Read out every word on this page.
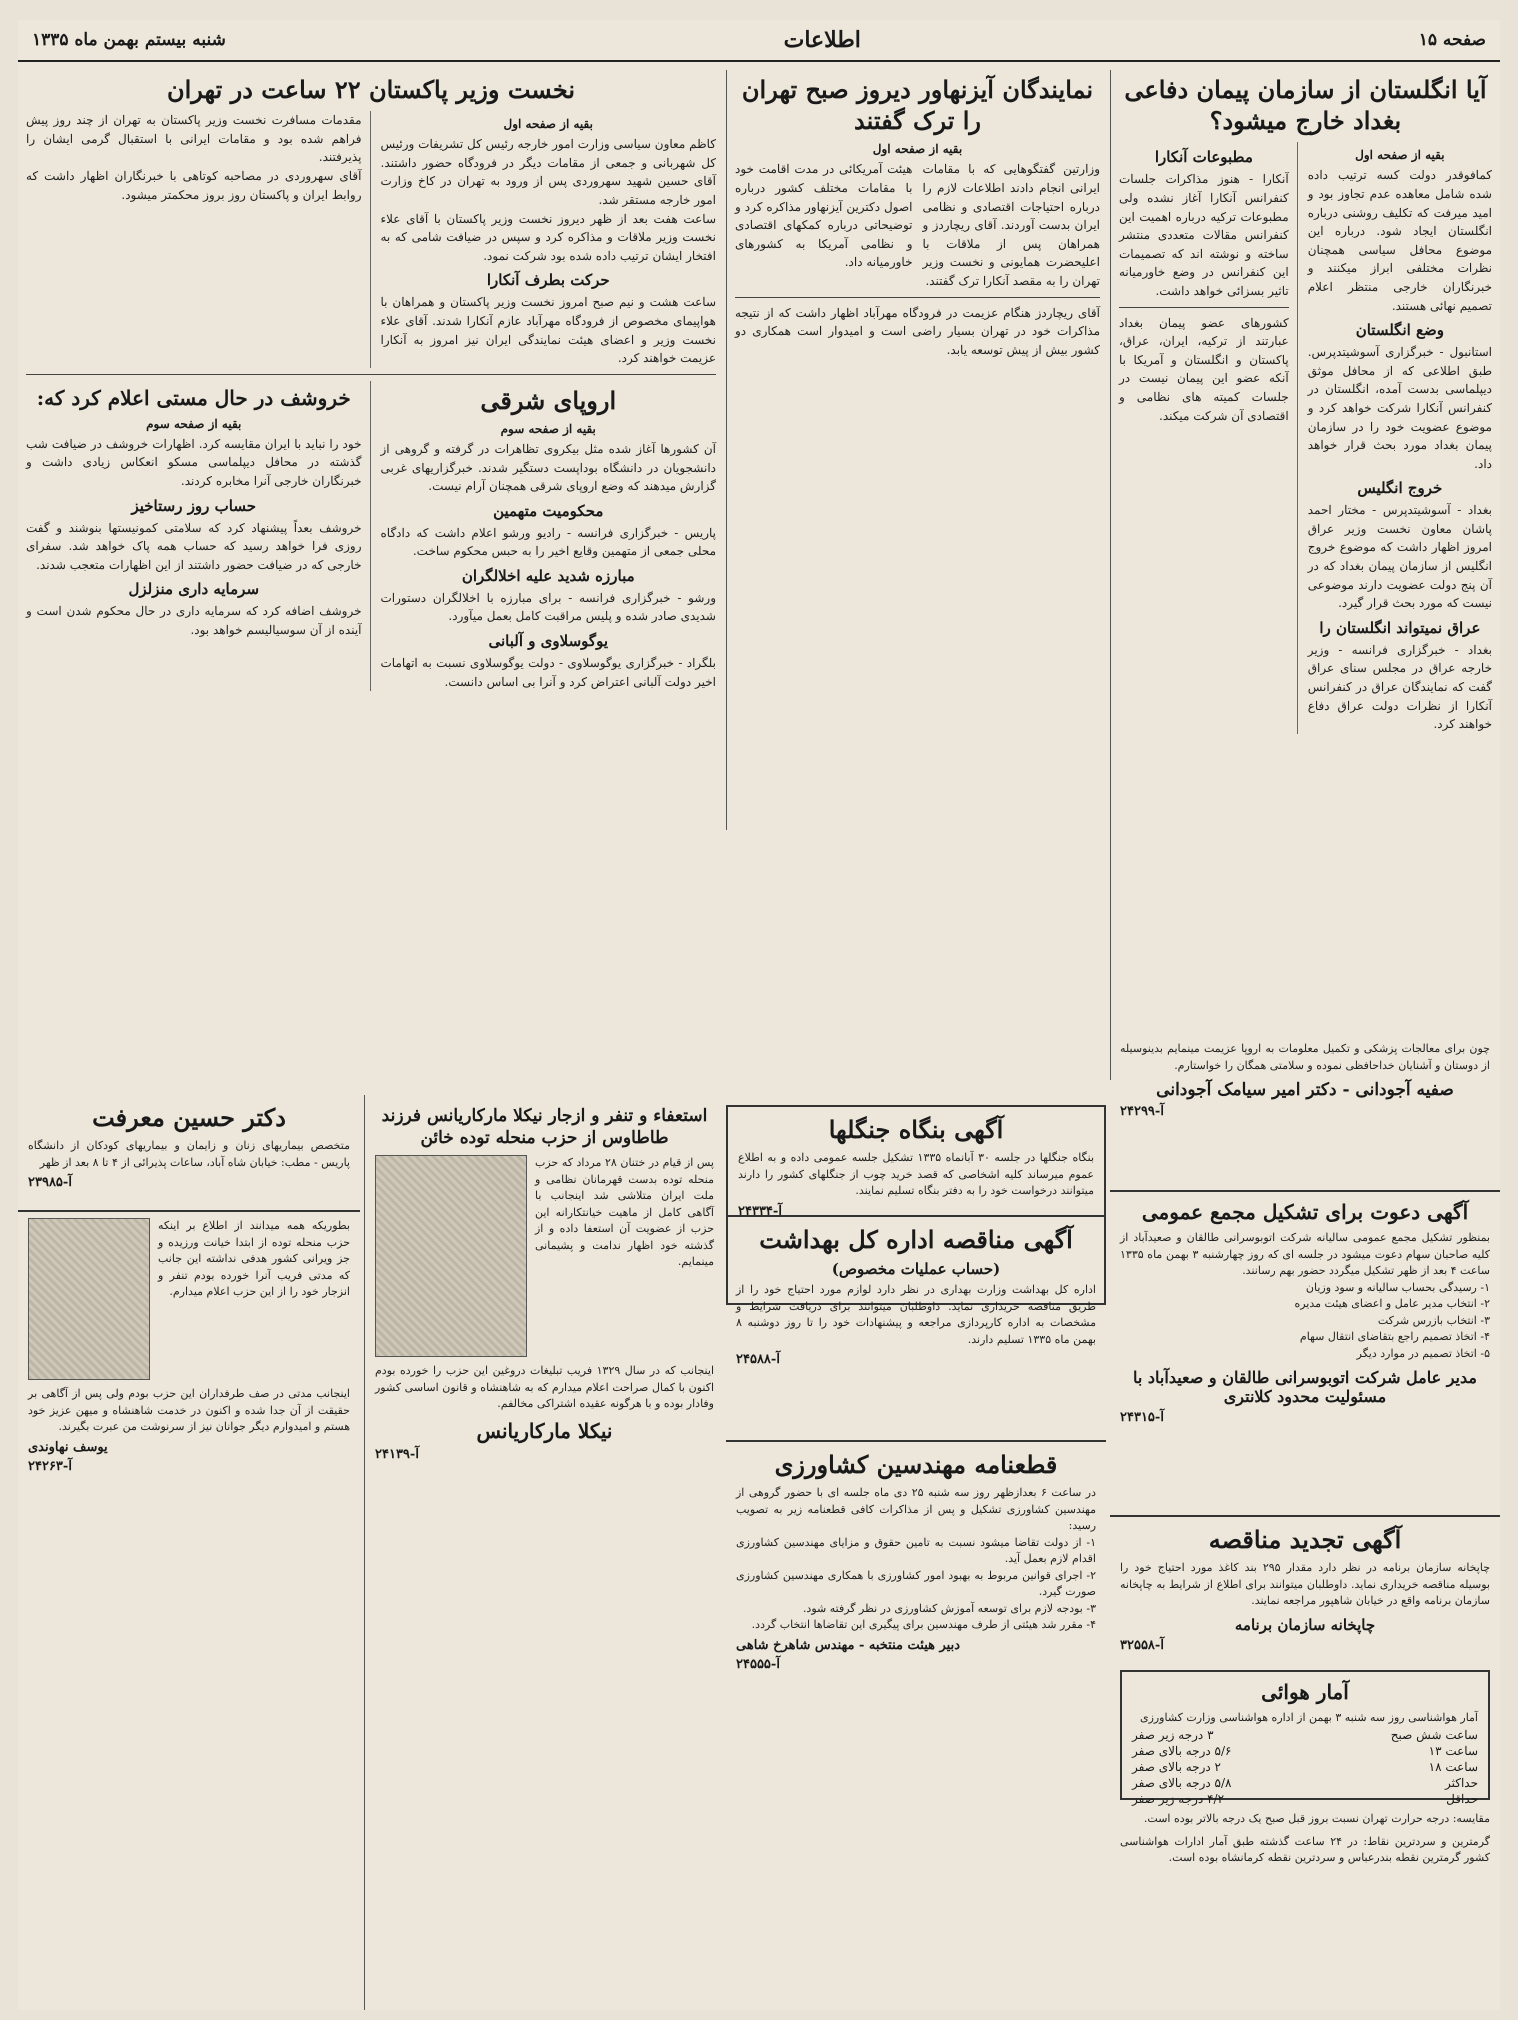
صفحه ۱۵
اطلاعات
شنبه بیستم بهمن ماه ۱۳۳۵
آیا انگلستان از سازمان پیمان دفاعی بغداد خارج میشود؟
بقیه از صفحه اول
کمافوقدر دولت کسه ترتیب داده شده شامل معاهده عدم تجاوز بود و امید میرفت که تکلیف روشنی درباره انگلستان ایجاد شود. درباره این موضوع محافل سیاسی همچنان نظرات مختلفی ابراز میکنند و خبرنگاران خارجی منتظر اعلام تصمیم نهائی هستند.
وضع انگلستان
استانبول - خبرگزاری آسوشیتدپرس. طبق اطلاعی که از محافل موثق دیپلماسی بدست آمده، انگلستان در کنفرانس آنکارا شرکت خواهد کرد و موضوع عضویت خود را در سازمان پیمان بغداد مورد بحث قرار خواهد داد.
خروج انگلیس
بغداد - آسوشیتدپرس - مختار احمد پاشان معاون نخست وزیر عراق امروز اظهار داشت که موضوع خروج انگلیس از سازمان پیمان بغداد که در آن پنج دولت عضویت دارند موضوعی نیست که مورد بحث قرار گیرد.
عراق نمیتواند انگلستان را
بغداد - خبرگزاری فرانسه - وزیر خارجه عراق در مجلس سنای عراق گفت که نمایندگان عراق در کنفرانس آنکارا از نظرات دولت عراق دفاع خواهند کرد.
مطبوعات آنکارا
آنکارا - هنوز مذاکرات جلسات کنفرانس آنکارا آغاز نشده ولی مطبوعات ترکیه درباره اهمیت این کنفرانس مقالات متعددی منتشر ساخته و نوشته اند که تصمیمات این کنفرانس در وضع خاورمیانه تاثیر بسزائی خواهد داشت.
کشورهای عضو پیمان بغداد عبارتند از ترکیه، ایران، عراق، پاکستان و انگلستان و آمریکا با آنکه عضو این پیمان نیست در جلسات کمیته های نظامی و اقتصادی آن شرکت میکند.
نمایندگان آیزنهاور دیروز صبح تهران را ترک گفتند
بقیه از صفحه اول
وزارتین گفتگوهایی که با مقامات ایرانی انجام دادند اطلاعات لازم را درباره احتیاجات اقتصادی و نظامی ایران بدست آوردند. آقای ریچاردز و همراهان پس از ملاقات با اعلیحضرت همایونی و نخست وزیر تهران را به مقصد آنکارا ترک گفتند.
هیئت آمریکائی در مدت اقامت خود با مقامات مختلف کشور درباره اصول دکترین آیزنهاور مذاکره کرد و توضیحاتی درباره کمکهای اقتصادی و نظامی آمریکا به کشورهای خاورمیانه داد.
آقای ریچاردز هنگام عزیمت در فرودگاه مهرآباد اظهار داشت که از نتیجه مذاکرات خود در تهران بسیار راضی است و امیدوار است همکاری دو کشور بیش از پیش توسعه یابد.
نخست وزیر پاکستان ۲۲ ساعت در تهران
بقیه از صفحه اول
کاظم معاون سیاسی وزارت امور خارجه رئیس کل تشریفات ورئیس کل شهربانی و جمعی از مقامات دیگر در فرودگاه حضور داشتند. آقای حسین شهید سهروردی پس از ورود به تهران در کاخ وزارت امور خارجه مستقر شد.
ساعت هفت بعد از ظهر دیروز نخست وزیر پاکستان با آقای علاء نخست وزیر ملاقات و مذاکره کرد و سپس در ضیافت شامی که به افتخار ایشان ترتیب داده شده بود شرکت نمود.
حرکت بطرف آنکارا
ساعت هشت و نیم صبح امروز نخست وزیر پاکستان و همراهان با هواپیمای مخصوص از فرودگاه مهرآباد عازم آنکارا شدند. آقای علاء نخست وزیر و اعضای هیئت نمایندگی ایران نیز امروز به آنکارا عزیمت خواهند کرد.
مقدمات مسافرت نخست وزیر پاکستان به تهران از چند روز پیش فراهم شده بود و مقامات ایرانی با استقبال گرمی ایشان را پذیرفتند.
آقای سهروردی در مصاحبه کوتاهی با خبرنگاران اظهار داشت که روابط ایران و پاکستان روز بروز محکمتر میشود.
اروپای شرقی
بقیه از صفحه سوم
آن کشورها آغاز شده مثل بیکروی تظاهرات در گرفته و گروهی از دانشجویان در دانشگاه بوداپست دستگیر شدند. خبرگزاریهای غربی گزارش میدهند که وضع اروپای شرقی همچنان آرام نیست.
محکومیت متهمین
پاریس - خبرگزاری فرانسه - رادیو ورشو اعلام داشت که دادگاه محلی جمعی از متهمین وقایع اخیر را به حبس محکوم ساخت.
مبارزه شدید علیه اخلالگران
ورشو - خبرگزاری فرانسه - برای مبارزه با اخلالگران دستورات شدیدی صادر شده و پلیس مراقبت کامل بعمل میآورد.
یوگوسلاوی و آلبانی
بلگراد - خبرگزاری یوگوسلاوی - دولت یوگوسلاوی نسبت به اتهامات اخیر دولت آلبانی اعتراض کرد و آنرا بی اساس دانست.
خروشف در حال مستی اعلام کرد که:
بقیه از صفحه سوم
خود را نباید با ایران مقایسه کرد. اظهارات خروشف در ضیافت شب گذشته در محافل دیپلماسی مسکو انعکاس زیادی داشت و خبرنگاران خارجی آنرا مخابره کردند.
حساب روز رستاخیز
خروشف بعداً پیشنهاد کرد که سلامتی کمونیستها بنوشند و گفت روزی فرا خواهد رسید که حساب همه پاک خواهد شد. سفرای خارجی که در ضیافت حضور داشتند از این اظهارات متعجب شدند.
سرمایه داری منزلزل
خروشف اضافه کرد که سرمایه داری در حال محکوم شدن است و آینده از آن سوسیالیسم خواهد بود.
آگهی بنگاه جنگلها
بنگاه جنگلها در جلسه ۳۰ آبانماه ۱۳۳۵ تشکیل جلسه عمومی داده و به اطلاع عموم میرساند کلیه اشخاصی که قصد خرید چوب از جنگلهای کشور را دارند میتوانند درخواست خود را به دفتر بنگاه تسلیم نمایند.
آ-۲۴۳۳۴
آگهی مناقصه اداره کل بهداشت
(حساب عملیات مخصوص)
اداره کل بهداشت وزارت بهداری در نظر دارد لوازم مورد احتیاج خود را از طریق مناقصه خریداری نماید. داوطلبان میتوانند برای دریافت شرایط و مشخصات به اداره کارپردازی مراجعه و پیشنهادات خود را تا روز دوشنبه ۸ بهمن ماه ۱۳۳۵ تسلیم دارند.
آ-۲۴۵۸۸
قطعنامه مهندسین کشاورزی
در ساعت ۶ بعدازظهر روز سه شنبه ۲۵ دی ماه جلسه ای با حضور گروهی از مهندسین کشاورزی تشکیل و پس از مذاکرات کافی قطعنامه زیر به تصویب رسید:
۱- از دولت تقاضا میشود نسبت به تامین حقوق و مزایای مهندسین کشاورزی اقدام لازم بعمل آید.
۲- اجرای قوانین مربوط به بهبود امور کشاورزی با همکاری مهندسین کشاورزی صورت گیرد.
۳- بودجه لازم برای توسعه آموزش کشاورزی در نظر گرفته شود.
۴- مقرر شد هیئتی از طرف مهندسین برای پیگیری این تقاضاها انتخاب گردد.
دبیر هیئت منتخبه - مهندس شاهرخ شاهی
آ-۲۴۵۵۵
چون برای معالجات پزشکی و تکمیل معلومات به اروپا عزیمت مینمایم بدینوسیله از دوستان و آشنایان خداحافظی نموده و سلامتی همگان را خواستارم.
صفیه آجودانی - دکتر امیر سیامک آجودانی
آ-۲۴۲۹۹
آگهی دعوت برای تشکیل مجمع عمومی
بمنظور تشکیل مجمع عمومی سالیانه شرکت اتوبوسرانی طالقان و صعیدآباد از کلیه صاحبان سهام دعوت میشود در جلسه ای که روز چهارشنبه ۳ بهمن ماه ۱۳۳۵ ساعت ۴ بعد از ظهر تشکیل میگردد حضور بهم رسانند.
۱- رسیدگی بحساب سالیانه و سود وزیان
۲- انتخاب مدیر عامل و اعضای هیئت مدیره
۳- انتخاب بازرس شرکت
۴- اتخاذ تصمیم راجع بتقاضای انتقال سهام
۵- اتخاذ تصمیم در موارد دیگر
مدیر عامل شرکت اتوبوسرانی طالقان و صعیدآباد با مسئولیت محدود کلانتری
آ-۲۴۳۱۵
آگهی تجدید مناقصه
چاپخانه سازمان برنامه در نظر دارد مقدار ۲۹۵ بند کاغذ مورد احتیاج خود را بوسیله مناقصه خریداری نماید. داوطلبان میتوانند برای اطلاع از شرایط به چاپخانه سازمان برنامه واقع در خیابان شاهپور مراجعه نمایند.
چاپخانه سازمان برنامه
آ-۳۲۵۵۸
آمار هوائی
آمار هواشناسی روز سه شنبه ۳ بهمن از اداره هواشناسی وزارت کشاورزی
ساعت شش صبح
۳ درجه زیر صفر
ساعت ۱۳
۵/۶ درجه بالای صفر
ساعت ۱۸
۲ درجه بالای صفر
حداکثر
۵/۸ درجه بالای صفر
حداقل
۴/۲ درجه زیر صفر
مقایسه: درجه حرارت تهران نسبت بروز قبل صبح یک درجه بالاتر بوده است.
گرمترین و سردترین نقاط: در ۲۴ ساعت گذشته طبق آمار ادارات هواشناسی کشور گرمترین نقطه بندرعباس و سردترین نقطه کرمانشاه بوده است.
استعفاء و تنفر و ازجار نیکلا مارکاریانس فرزند طاطاوس از حزب منحله توده خائن
پس از قیام در ختنان ۲۸ مرداد که حزب منحله توده بدست قهرمانان نظامی و ملت ایران متلاشی شد اینجانب با آگاهی کامل از ماهیت خیانتکارانه این حزب از عضویت آن استعفا داده و از گذشته خود اظهار ندامت و پشیمانی مینمایم.
اینجانب که در سال ۱۳۲۹ فریب تبلیغات دروغین این حزب را خورده بودم اکنون با کمال صراحت اعلام میدارم که به شاهنشاه و قانون اساسی کشور وفادار بوده و با هرگونه عقیده اشتراکی مخالفم.
نیکلا مارکاریانس
آ-۲۴۱۳۹
دکتر حسین معرفت
متخصص بیماریهای زنان و زایمان و بیماریهای کودکان از دانشگاه پاریس - مطب: خیابان شاه آباد، ساعات پذیرائی از ۴ تا ۸ بعد از ظهر
آ-۲۳۹۸۵
بطوریکه همه میدانند از اطلاع بر اینکه حزب منحله توده از ابتدا خیانت ورزیده و جز ویرانی کشور هدفی نداشته این جانب که مدتی فریب آنرا خورده بودم تنفر و انزجار خود را از این حزب اعلام میدارم.
اینجانب مدتی در صف طرفداران این حزب بودم ولی پس از آگاهی بر حقیقت از آن جدا شده و اکنون در خدمت شاهنشاه و میهن عزیز خود هستم و امیدوارم دیگر جوانان نیز از سرنوشت من عبرت بگیرند.
یوسف نهاوندی
آ-۲۴۲۶۳
